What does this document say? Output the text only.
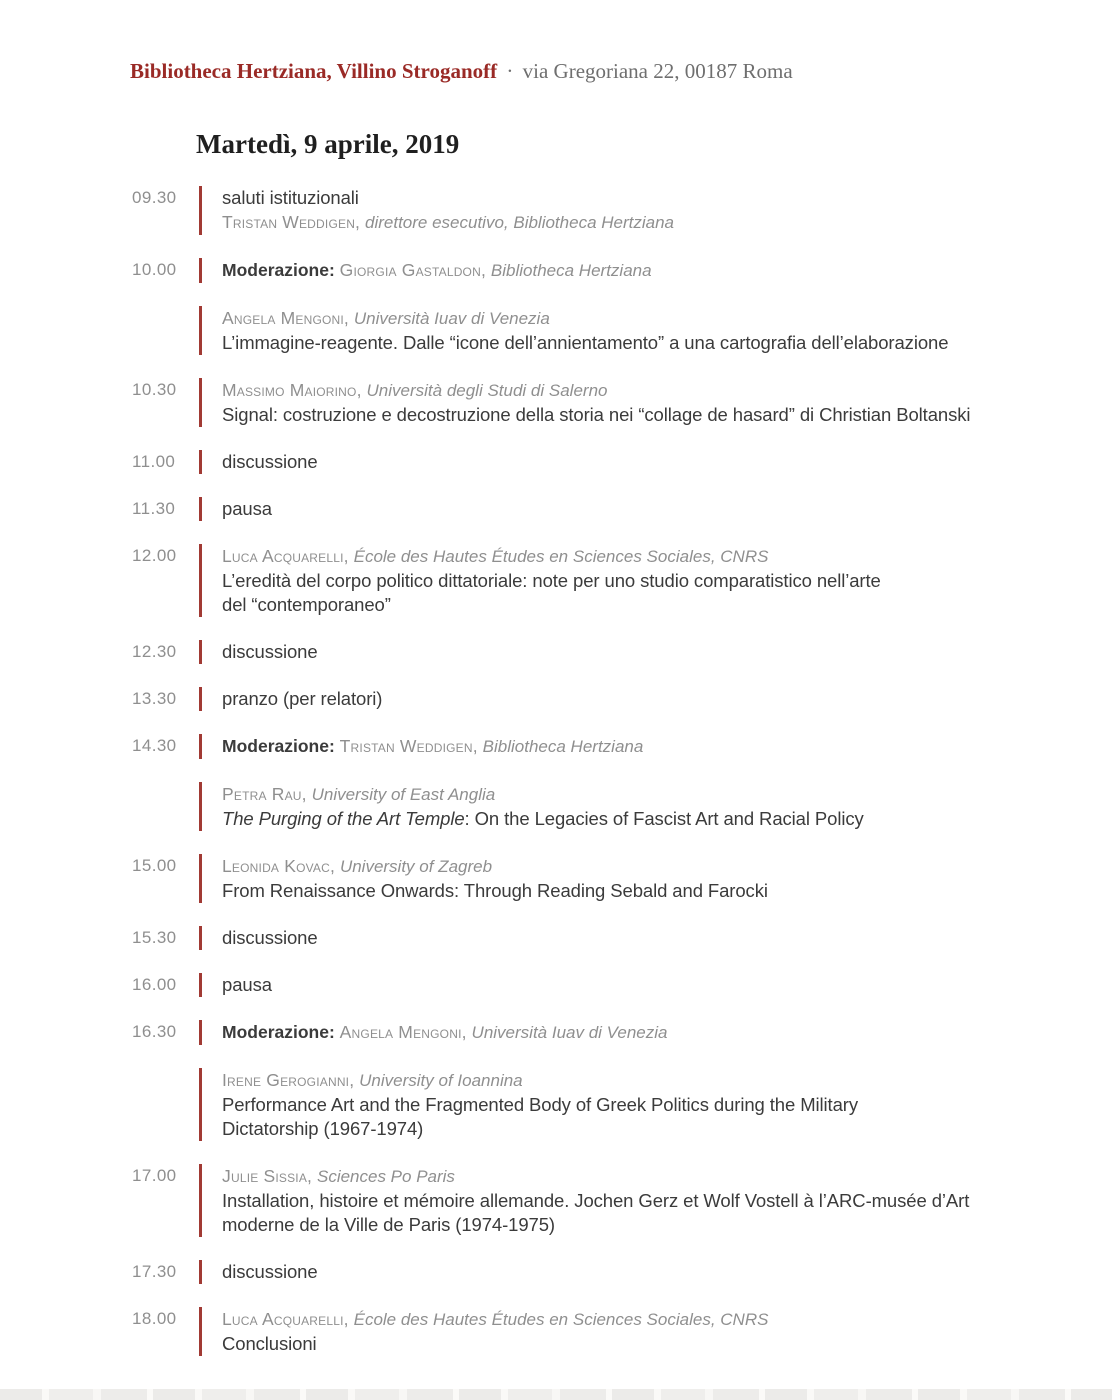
Bibliotheca Hertziana, Villino Stroganoff · via Gregoriana 22, 00187 Roma
Martedì, 9 aprile, 2019
09.30	saluti istituzionali
Tristan Weddigen, direttore esecutivo, Bibliotheca Hertziana
10.00	Moderazione: Giorgia Gastaldon, Bibliotheca Hertziana
Angela Mengoni, Università Iuav di Venezia
L’immagine-reagente. Dalle “icone dell’annientamento” a una cartografia dell’elaborazione
10.30	Massimo Maiorino, Università degli Studi di Salerno
Signal: costruzione e decostruzione della storia nei “collage de hasard” di Christian Boltanski
11.00	discussione
11.30	pausa
12.00	Luca Acquarelli, École des Hautes Études en Sciences Sociales, CNRS
L’eredità del corpo politico dittatoriale: note per uno studio comparatistico nell’arte
del “contemporaneo”
12.30	discussione
13.30	pranzo (per relatori)
14.30	Moderazione: Tristan Weddigen, Bibliotheca Hertziana
Petra Rau, University of East Anglia
The Purging of the Art Temple: On the Legacies of Fascist Art and Racial Policy
15.00	Leonida Kovac, University of Zagreb
From Renaissance Onwards: Through Reading Sebald and Farocki
15.30	discussione
16.00	pausa
16.30	Moderazione: Angela Mengoni, Università Iuav di Venezia
Irene Gerogianni, University of Ioannina
Performance Art and the Fragmented Body of Greek Politics during the Military
Dictatorship (1967-1974)
17.00	Julie Sissia, Sciences Po Paris
Installation, histoire et mémoire allemande. Jochen Gerz et Wolf Vostell à l’ARC-musée d’Art
moderne de la Ville de Paris (1974-1975)
17.30	discussione
18.00	Luca Acquarelli, École des Hautes Études en Sciences Sociales, CNRS
Conclusioni
